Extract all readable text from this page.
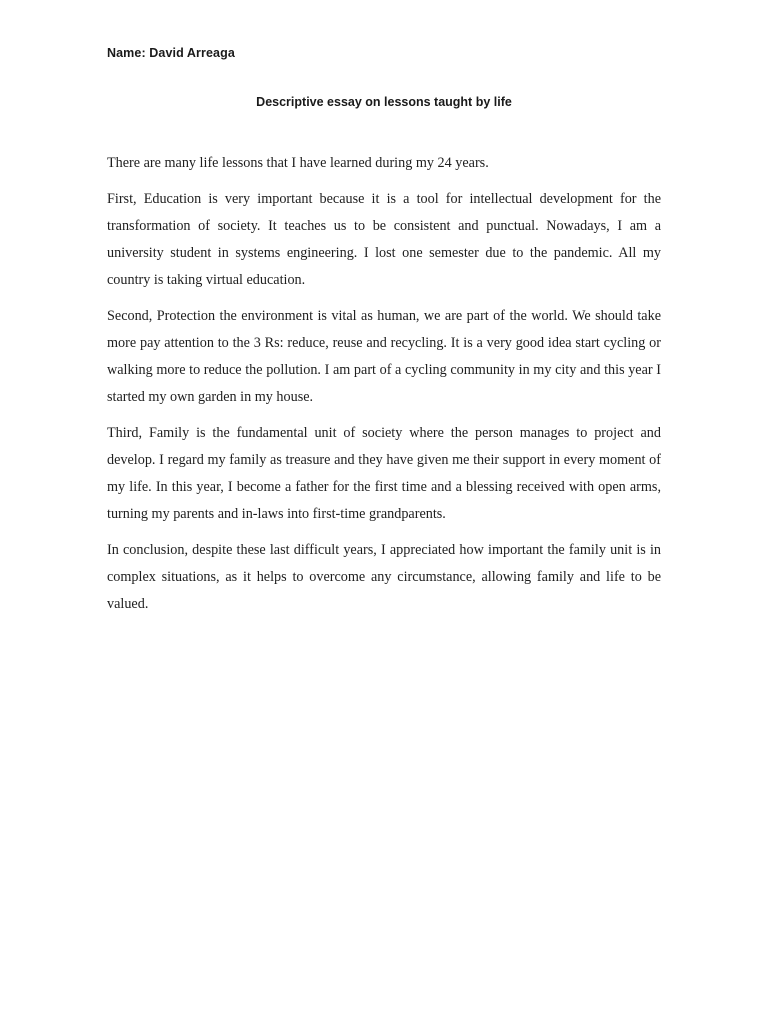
Name: David Arreaga
Descriptive essay on lessons taught by life

There are many life lessons that I have learned during my 24 years.

First, Education is very important because it is a tool for intellectual development for the transformation of society. It teaches us to be consistent and punctual. Nowadays, I am a university student in systems engineering. I lost one semester due to the pandemic. All my country is taking virtual education.

Second, Protection the environment is vital as human, we are part of the world. We should take more pay attention to the 3 Rs: reduce, reuse and recycling. It is a very good idea start cycling or walking more to reduce the pollution. I am part of a cycling community in my city and this year I started my own garden in my house.

Third, Family is the fundamental unit of society where the person manages to project and develop. I regard my family as treasure and they have given me their support in every moment of my life. In this year, I become a father for the first time and a blessing received with open arms, turning my parents and in-laws into first-time grandparents.

In conclusion, despite these last difficult years, I appreciated how important the family unit is in complex situations, as it helps to overcome any circumstance, allowing family and life to be valued.
